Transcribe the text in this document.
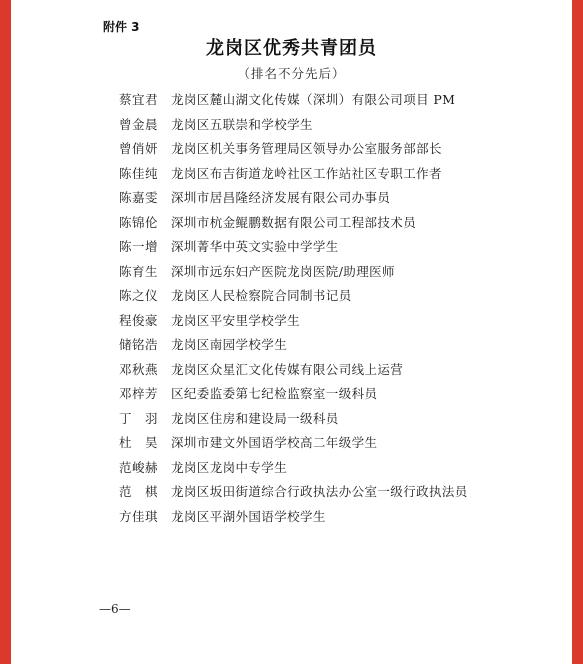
附件 3
龙岗区优秀共青团员
（排名不分先后）
蔡宜君	龙岗区麓山湖文化传媒（深圳）有限公司项目 PM
曾金晨	龙岗区五联崇和学校学生
曾俏妍	龙岗区机关事务管理局区领导办公室服务部部长
陈佳纯	龙岗区布吉街道龙岭社区工作站社区专职工作者
陈嘉雯	深圳市居昌隆经济发展有限公司办事员
陈锦伦	深圳市杭金鲲鹏数据有限公司工程部技术员
陈一增	深圳菁华中英文实验中学学生
陈育生	深圳市远东妇产医院龙岗医院/助理医师
陈之仪	龙岗区人民检察院合同制书记员
程俊豪	龙岗区平安里学校学生
储铭浩	龙岗区南园学校学生
邓秋燕	龙岗区众星汇文化传媒有限公司线上运营
邓梓芳	区纪委监委第七纪检监察室一级科员
丁　羽	龙岗区住房和建设局一级科员
杜　昊	深圳市建文外国语学校高二年级学生
范峻赫	龙岗区龙岗中专学生
范　棋	龙岗区坂田街道综合行政执法办公室一级行政执法员
方佳琪	龙岗区平湖外国语学校学生
—6—
